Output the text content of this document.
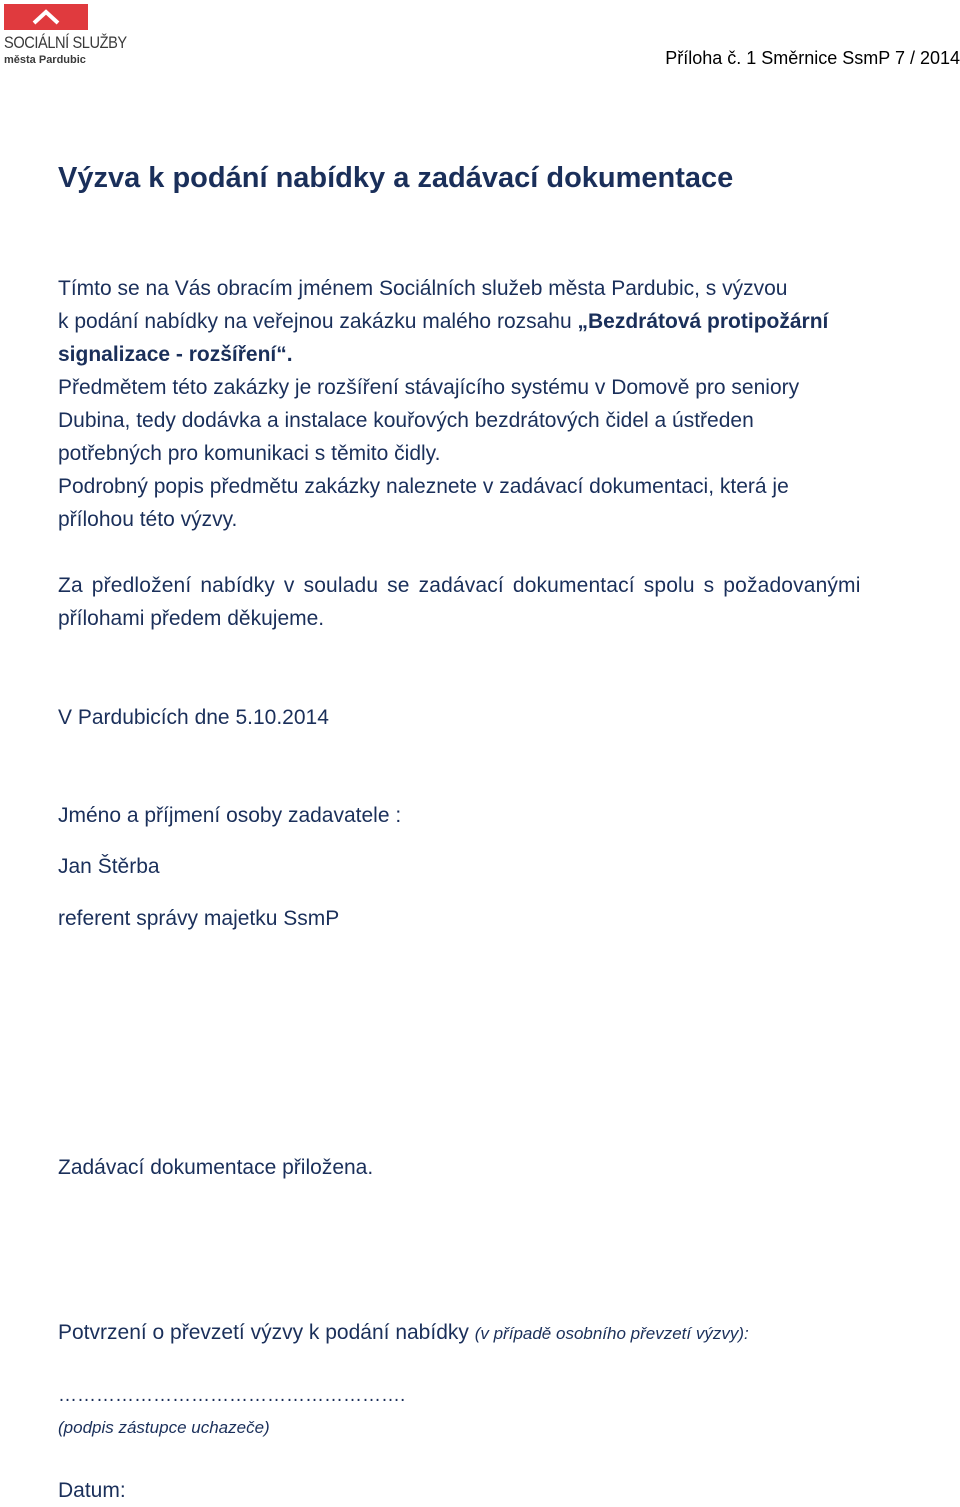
SOCIÁLNÍ SLUŽBY
města Pardubic	Příloha č. 1 Směrnice SsmP 7 / 2014
Výzva k podání nabídky a zadávací dokumentace
Tímto se na Vás obracím jménem Sociálních služeb města Pardubic, s výzvou
k podání nabídky na veřejnou zakázku malého rozsahu „Bezdrátová protipožární
signalizace - rozšíření“.
Předmětem této zakázky je rozšíření stávajícího systému v Domově pro seniory
Dubina, tedy dodávka a instalace kouřových bezdrátových čidel a ústředen
potřebných pro komunikaci s těmito čidly.
Podrobný popis předmětu zakázky naleznete v zadávací dokumentaci, která je
přílohou této výzvy.
Za předložení nabídky v souladu se zadávací dokumentací spolu s požadovanými
přílohami předem děkujeme.
V Pardubicích dne 5.10.2014
Jméno a příjmení osoby zadavatele :
Jan Štěrba
referent správy majetku SsmP
Zadávací dokumentace přiložena.
Potvrzení o převzetí výzvy k podání nabídky (v případě osobního převzetí výzvy):
……………………………………………….
(podpis zástupce uchazeče)
Datum:
